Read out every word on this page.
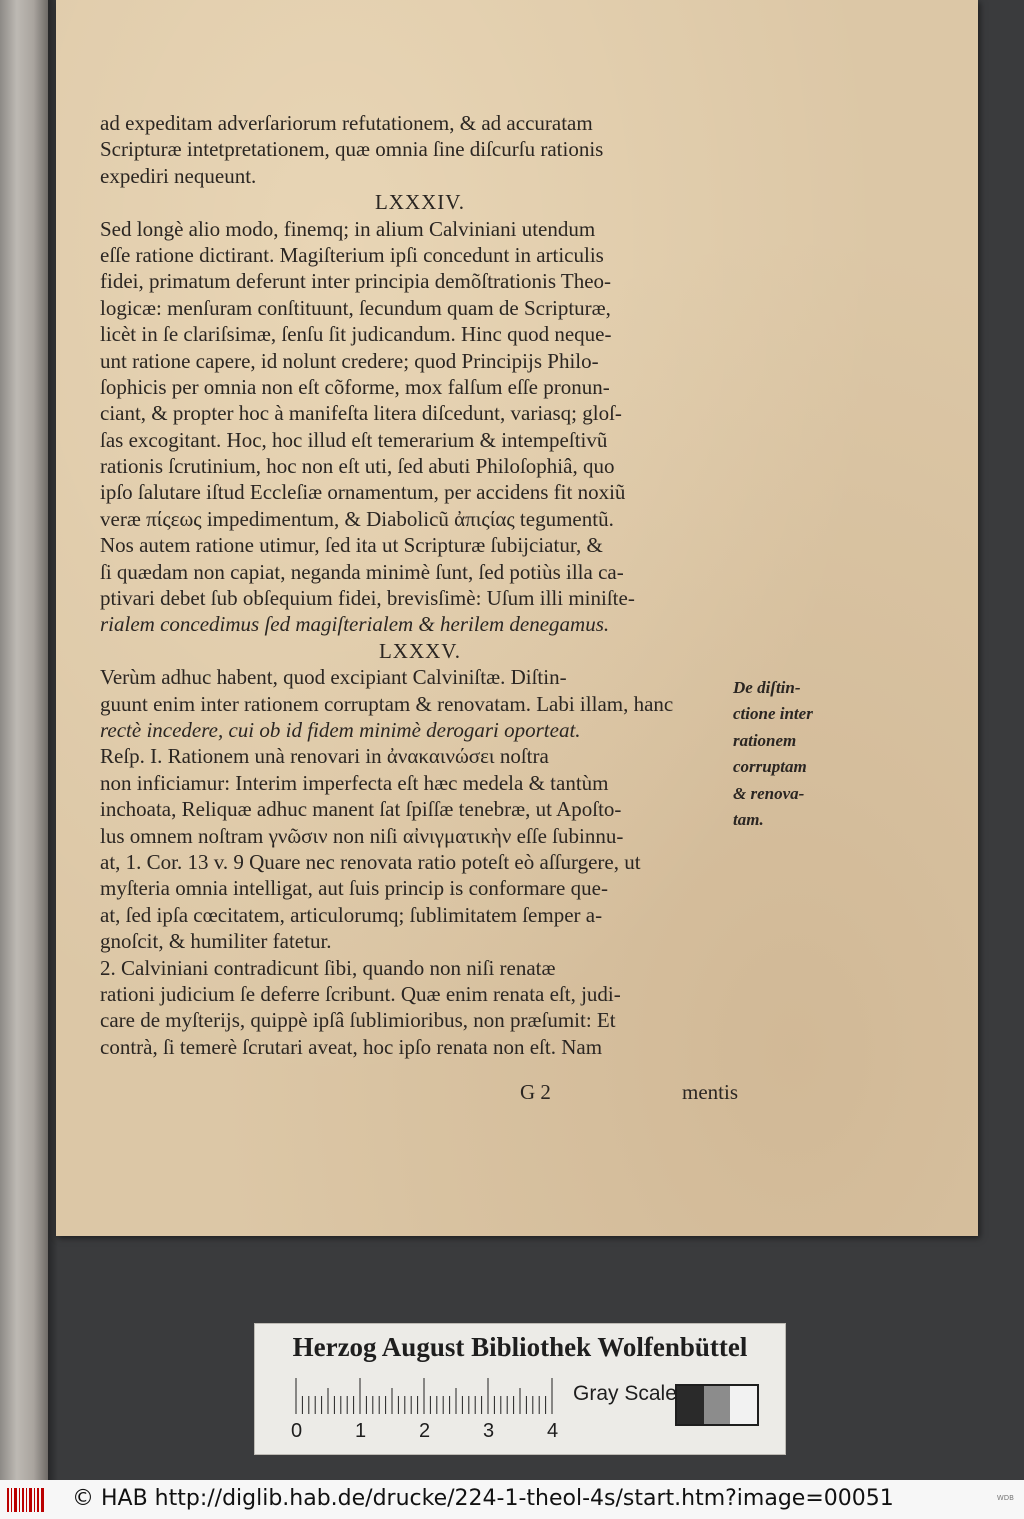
ad expeditam adverſariorum refutationem, & ad accuratam
Scripturæ intetpretationem, quæ omnia ſine diſcurſu rationis
expediri nequeunt.
LXXXIV.
Sed longè alio modo, finemq; in alium Calviniani utendum
eſſe ratione dictirant. Magiſterium ipſi concedunt in articulis
fidei, primatum deferunt inter principia demõſtrationis Theo-
logicæ: menſuram conſtituunt, ſecundum quam de Scripturæ,
licèt in ſe clariſsimæ, ſenſu ſit judicandum. Hinc quod neque-
unt ratione capere, id nolunt credere; quod Principijs Philo-
ſophicis per omnia non eſt cõforme, mox falſum eſſe pronun-
ciant, & propter hoc à manifeſta litera diſcedunt, variasq; gloſ-
ſas excogitant. Hoc, hoc illud eſt temerarium & intempeſtivũ
rationis ſcrutinium, hoc non eſt uti, ſed abuti Philoſophiâ, quo
ipſo ſalutare iſtud Eccleſiæ ornamentum, per accidens fit noxiũ
veræ πίςεως impedimentum, & Diabolicũ ἀπιςίας tegumentũ.
Nos autem ratione utimur, ſed ita ut Scripturæ ſubijciatur, &
ſi quædam non capiat, neganda minimè ſunt, ſed potiùs illa ca-
ptivari debet ſub obſequium fidei, brevisſimè: Uſum illi miniſte-
rialem concedimus ſed magiſterialem & herilem denegamus.
LXXXV.
Verùm adhuc habent, quod excipiant Calviniſtæ. Diſtin-
guunt enim inter rationem corruptam & renovatam. Labi illam, hanc
rectè incedere, cui ob id fidem minimè derogari oporteat.
Reſp. I. Rationem unà renovari in ἀνακαινώσει noſtra
non inficiamur: Interim imperfecta eſt hæc medela & tantùm
inchoata, Reliquæ adhuc manent ſat ſpiſſæ tenebræ, ut Apoſto-
lus omnem noſtram γνῶσιν non niſi αἰνιγματικὴν eſſe ſubinnu-
at, 1. Cor. 13 v. 9 Quare nec renovata ratio poteſt eò aſſurgere, ut
myſteria omnia intelligat, aut ſuis princip is conformare que-
at, ſed ipſa cœcitatem, articulorumq; ſublimitatem ſemper a-
gnoſcit, & humiliter fatetur.
2. Calviniani contradicunt ſibi, quando non niſi renatæ
rationi judicium ſe deferre ſcribunt. Quæ enim renata eſt, judi-
care de myſterijs, quippè ipſâ ſublimioribus, non præſumit: Et
contrà, ſi temerè ſcrutari aveat, hoc ipſo renata non eſt. Nam
De diſtin-
ctione inter
rationem
corruptam
& renova-
tam.
G 2	mentis
Herzog August Bibliothek Wolfenbüttel
0	1	2	3	4
Gray Scale
© HAB http://diglib.hab.de/drucke/224-1-theol-4s/start.htm?image=00051	WDB
